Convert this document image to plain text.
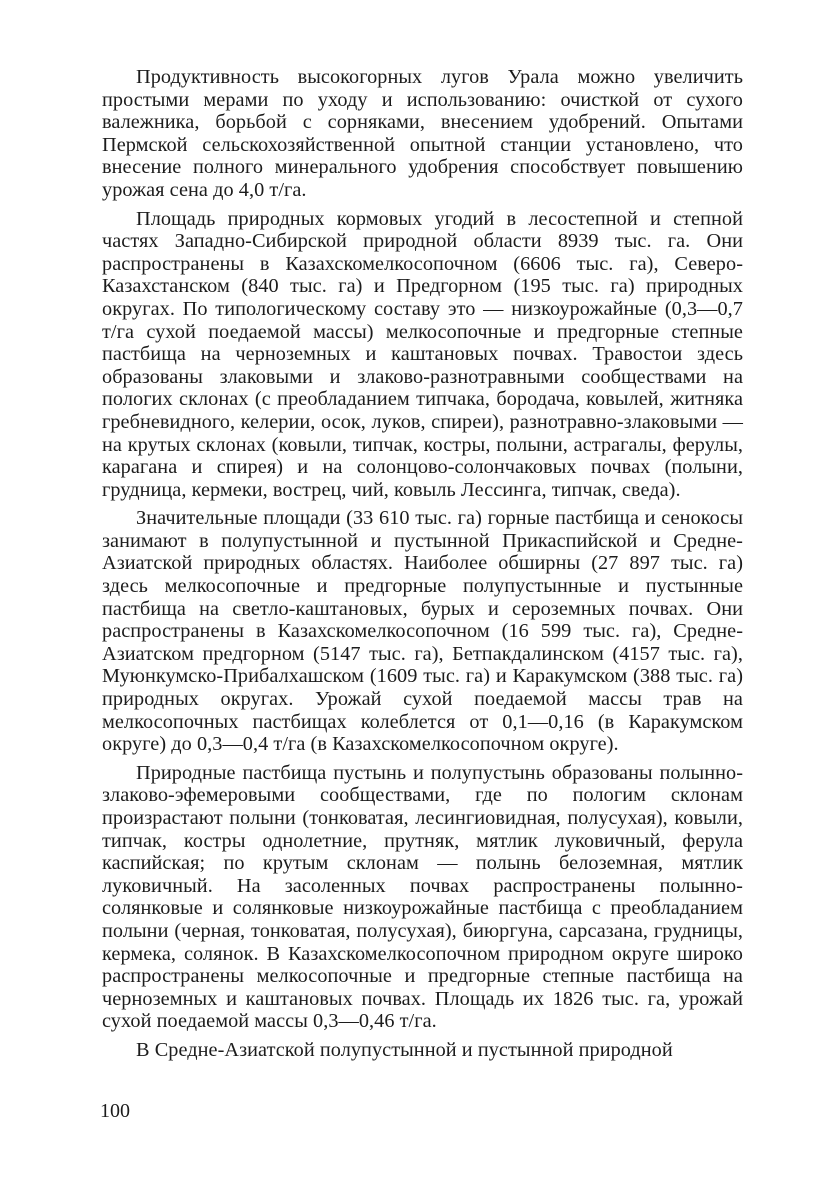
Продуктивность высокогорных лугов Урала можно увеличить простыми мерами по уходу и использованию: очисткой от сухого валежника, борьбой с сорняками, внесением удобрений. Опытами Пермской сельскохозяйственной опытной станции установлено, что внесение полного минерального удобрения способствует повышению урожая сена до 4,0 т/га.

Площадь природных кормовых угодий в лесостепной и степной частях Западно-Сибирской природной области 8939 тыс. га. Они распространены в Казахскомелкосопочном (6606 тыс. га), Северо-Казахстанском (840 тыс. га) и Предгорном (195 тыс. га) природных округах. По типологическому составу это — низкоурожайные (0,3—0,7 т/га сухой поедаемой массы) мелкосопочные и предгорные степные пастбища на черноземных и каштановых почвах. Травостои здесь образованы злаковыми и злаково-разнотравными сообществами на пологих склонах (с преобладанием типчака, бородача, ковылей, житняка гребневидного, келерии, осок, луков, спиреи), разнотравно-злаковыми — на крутых склонах (ковыли, типчак, костры, полыни, астрагалы, ферулы, карагана и спирея) и на солонцово-солончаковых почвах (полыни, грудница, кермеки, вострец, чий, ковыль Лессинга, типчак, сведа).

Значительные площади (33 610 тыс. га) горные пастбища и сенокосы занимают в полупустынной и пустынной Прикаспийской и Средне-Азиатской природных областях. Наиболее обширны (27 897 тыс. га) здесь мелкосопочные и предгорные полупустынные и пустынные пастбища на светло-каштановых, бурых и сероземных почвах. Они распространены в Казахскомелкосопочном (16 599 тыс. га), Средне-Азиатском предгорном (5147 тыс. га), Бетпакдалинском (4157 тыс. га), Муюнкумско-Прибалхашском (1609 тыс. га) и Каракумском (388 тыс. га) природных округах. Урожай сухой поедаемой массы трав на мелкосопочных пастбищах колеблется от 0,1—0,16 (в Каракумском округе) до 0,3—0,4 т/га (в Казахскомелкосопочном округе).

Природные пастбища пустынь и полупустынь образованы полынно-злаково-эфемеровыми сообществами, где по пологим склонам произрастают полыни (тонковатая, лесингиовидная, полусухая), ковыли, типчак, костры однолетние, прутняк, мятлик луковичный, ферула каспийская; по крутым склонам — полынь белоземная, мятлик луковичный. На засоленных почвах распространены полынно-солянковые и солянковые низкоурожайные пастбища с преобладанием полыни (черная, тонковатая, полусухая), биюргуна, сарсазана, грудницы, кермека, солянок. В Казахскомелкосопочном природном округе широко распространены мелкосопочные и предгорные степные пастбища на черноземных и каштановых почвах. Площадь их 1826 тыс. га, урожай сухой поедаемой массы 0,3—0,46 т/га.

В Средне-Азиатской полупустынной и пустынной природной

100
